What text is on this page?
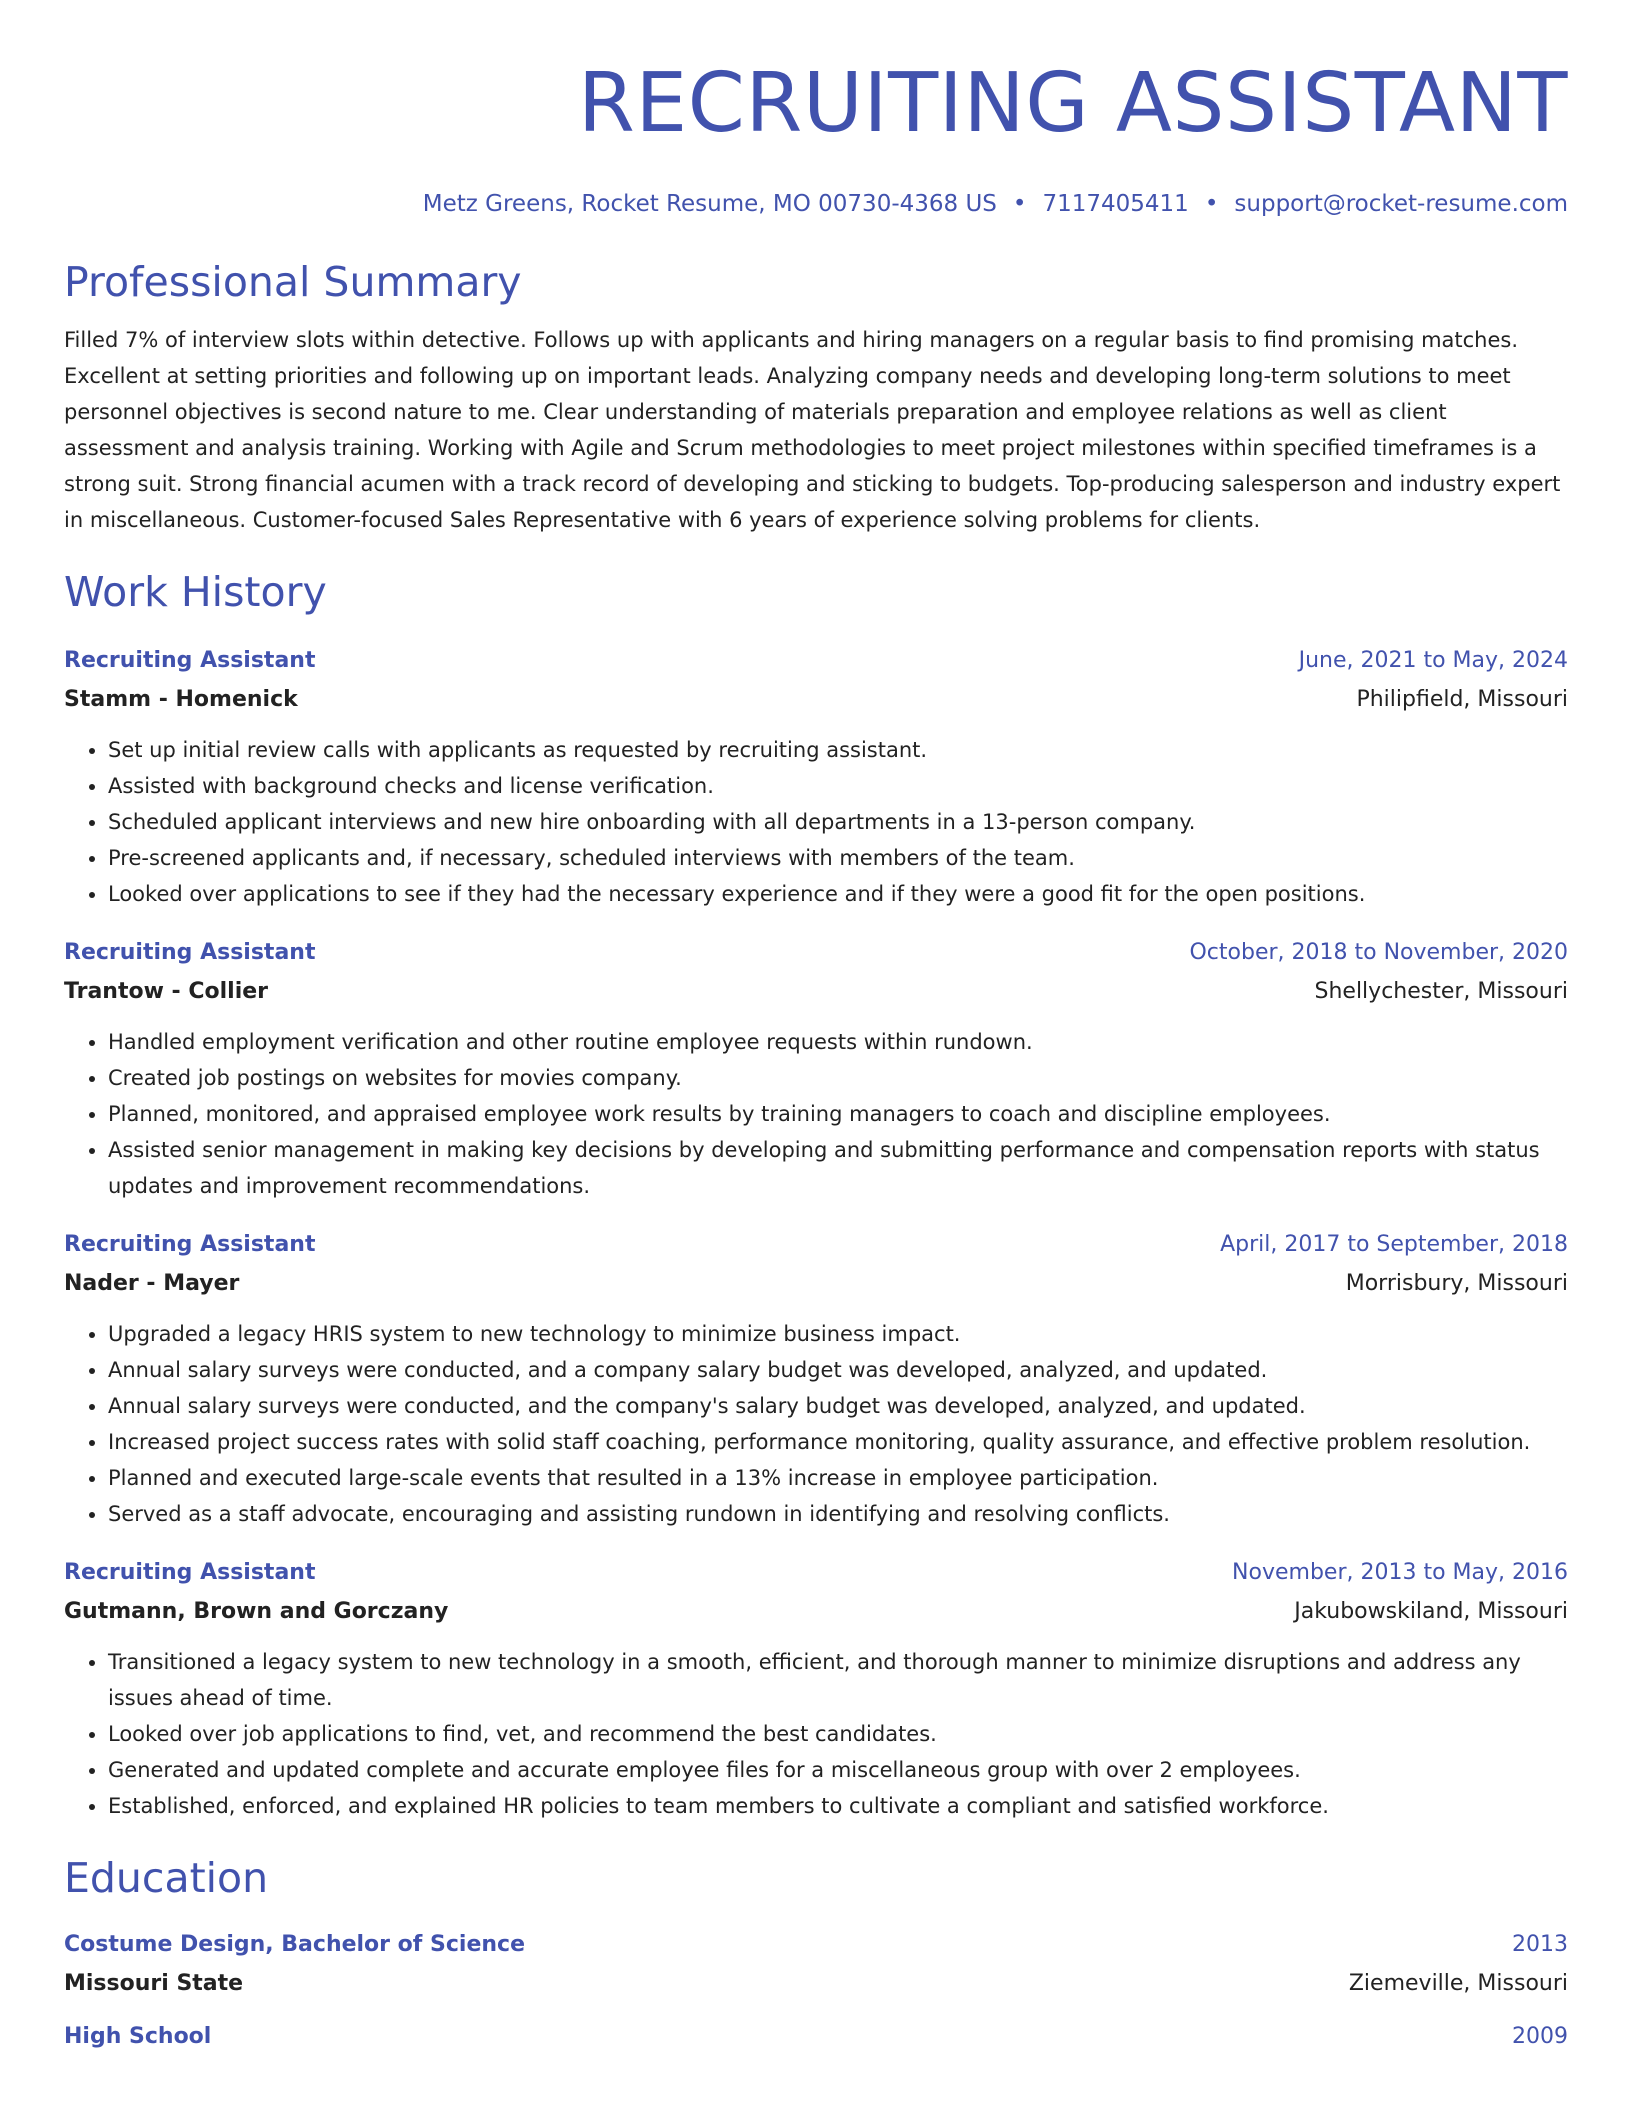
RECRUITING ASSISTANT
Metz Greens, Rocket Resume, MO 00730-4368 US • 7117405411 • support@rocket-resume.com
Professional Summary
Filled 7% of interview slots within detective. Follows up with applicants and hiring managers on a regular basis to find promising matches. Excellent at setting priorities and following up on important leads. Analyzing company needs and developing long-term solutions to meet personnel objectives is second nature to me. Clear understanding of materials preparation and employee relations as well as client assessment and analysis training. Working with Agile and Scrum methodologies to meet project milestones within specified timeframes is a strong suit. Strong financial acumen with a track record of developing and sticking to budgets. Top-producing salesperson and industry expert in miscellaneous. Customer-focused Sales Representative with 6 years of experience solving problems for clients.
Work History
Recruiting Assistant	June, 2021 to May, 2024
Stamm - Homenick	Philipfield, Missouri
• Set up initial review calls with applicants as requested by recruiting assistant.
• Assisted with background checks and license verification.
• Scheduled applicant interviews and new hire onboarding with all departments in a 13-person company.
• Pre-screened applicants and, if necessary, scheduled interviews with members of the team.
• Looked over applications to see if they had the necessary experience and if they were a good fit for the open positions.
Recruiting Assistant	October, 2018 to November, 2020
Trantow - Collier	Shellychester, Missouri
• Handled employment verification and other routine employee requests within rundown.
• Created job postings on websites for movies company.
• Planned, monitored, and appraised employee work results by training managers to coach and discipline employees.
• Assisted senior management in making key decisions by developing and submitting performance and compensation reports with status updates and improvement recommendations.
Recruiting Assistant	April, 2017 to September, 2018
Nader - Mayer	Morrisbury, Missouri
• Upgraded a legacy HRIS system to new technology to minimize business impact.
• Annual salary surveys were conducted, and a company salary budget was developed, analyzed, and updated.
• Annual salary surveys were conducted, and the company's salary budget was developed, analyzed, and updated.
• Increased project success rates with solid staff coaching, performance monitoring, quality assurance, and effective problem resolution.
• Planned and executed large-scale events that resulted in a 13% increase in employee participation.
• Served as a staff advocate, encouraging and assisting rundown in identifying and resolving conflicts.
Recruiting Assistant	November, 2013 to May, 2016
Gutmann, Brown and Gorczany	Jakubowskiland, Missouri
• Transitioned a legacy system to new technology in a smooth, efficient, and thorough manner to minimize disruptions and address any issues ahead of time.
• Looked over job applications to find, vet, and recommend the best candidates.
• Generated and updated complete and accurate employee files for a miscellaneous group with over 2 employees.
• Established, enforced, and explained HR policies to team members to cultivate a compliant and satisfied workforce.
Education
Costume Design, Bachelor of Science	2013
Missouri State	Ziemeville, Missouri
High School	2009
